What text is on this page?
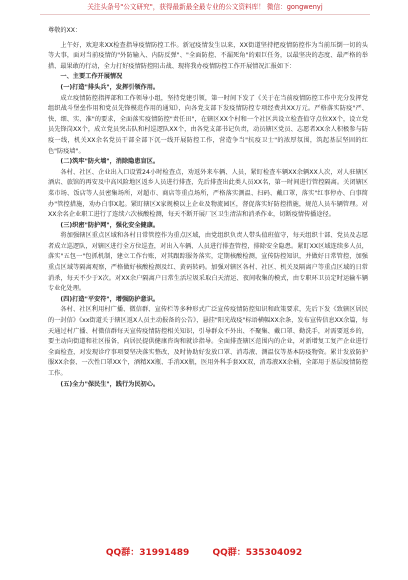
关注头条号"公文研究"，获得最新最全最专业的公文资料库！ 微信：gongwenyj

尊敬的XX：

上午好，欢迎来XX检查指导疫情防控工作。新冠疫情发生以来，XX街道坚持把疫情防控作为当前压倒一切的头等大事，面对当前疫情的"外防输入、内防反弹"、"全面防控、不漏死角"的艰巨任务，以最坚决的态度、最严格的举措、最果敢的行动，全力打好疫情防控阻击战、现将我办疫情防控工作开展情况汇报如下：

一、主要工作开展情况

(一)打造"排头兵"，发挥引领作用。

成立疫情防控指挥部和工作领导小组，坚持党建引领，第一时间下发了《关于在当前疫情防控工作中充分发挥党组织战斗堡垒作用和党员先锋模范作用的通知》，向各党支部下发疫情防控专项经费共XX万元。严格落实防疫"严、快、细、实、准"的要求，全面落实疫情防控"责任田"，在辖区XX个村和一个社区共设立检查值守点位XX个，设立党员先锋岗XX个，成立党员突击队和村巡逻队XX个，由各党支部书记负责，动员辖区党员、志愿者XX余人积极参与防疫一线，机关XX余名党员干部全部下沉一线开展防控工作，营造争当"抗疫卫士"的浓厚氛围，筑起基层坚固的红色"防疫墙"。

(二)筑牢"防火墙"，消除隐患盲区。

各村、社区、企业出入口设置24小时检查点，劝返外来车辆、人员，紧盯检查车辆XX余辆XX人次，对人驻辖区酒店、旅馆的再安及中高风险地区返乡人员进行排查，先后排查出此类人员XX名，第一时间进行管控隔离。关闭辖区菜市场、饭店等人员密集场所，对超市、商店等重点场所，严格落实测温、扫码、戴口罩，落实"红事停办、白事简办"管控措施，劝办白事X起。紧盯辖区X家规模以上企业及物流园区，督促落实好防控措施，规范人员车辆管理。对XX余名企业职工进行了连续六次核酸检测，每天不断开展厂区卫生清洁和消杀作业，切断疫情传播途径。

(三)织密"防护网"，强化安全健康。

将加强辖区重点区域和各村日常管控作为重点区域，由党组织负责人带头值班值守，每天组织十部、党员及志愿者成立巡逻队，对辖区进行全方位巡查，对出入车辆、人员进行排查管控，排除安全隐患。紧盯XX区域连续多人员，落实"五包一"包抓机制，建立工作台账，对其跟踪服务落实，定期核酸检测，宣传防控知识，并做好日常管控，加强重点区域等隔离观察，严格做好核酸检测及红、黄码转码。加强对辖区各村、社区、机关及隔离户等重点区域的日常消杀，每天不少于X次。对XX余户隔离户日常生活垃圾采取白天清运、夜间收集的模式，由专职环卫员定时运输车辆专业化处理。

(四)打造"平安符"，增强防护意识。

各村、社区利用村广播、微信群、宣传栏等多种形式广泛宣传疫情防控知识和政策要求，先后下发《致辖区居民的一封信》《xx街道关于辖区返X人员主动报备的公告》，悬挂"阳光战疫"标语横幅XX余条，发布宣传信息XX余篇，每天通过村广播、村微信群每天宣传疫情防控相关知识，引导群众不外出、不聚集、戴口罩、勤洗手，对需要返乡的，要主动向街道和社区报备，向居民提供健康咨询和就诊指导。全面排查辖区范围内的企业，对新增复工复产企业进行全面检查，对发现诊疗事项要坚决落实整改，及时协助好发放口罩、消毒液、测温仪等基本防疫物资。累计发放防护服XX余套、一次性口罩XX个，酒精XX瓶、手消XX瓶，医用外科手套XX双，消毒液XX余桶，全部用于基层疫情防控工作。

(五)全力"保民生"，践行为民初心。

QQ群：31991489	QQ群：535304092
